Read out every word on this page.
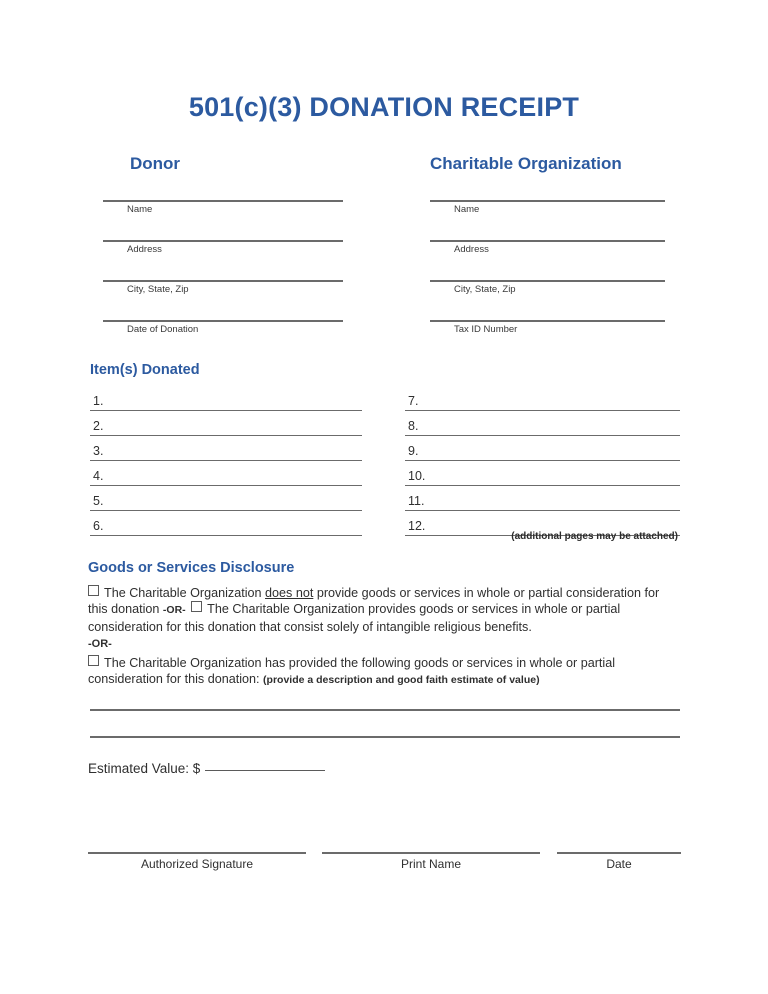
501(c)(3) DONATION RECEIPT
Donor	Charitable Organization
Name
Address
City, State, Zip
Date of Donation
Name
Address
City, State, Zip
Tax ID Number
Item(s) Donated
1.
2.
3.
4.
5.
6.
7.
8.
9.
10.
11.
12.
(additional pages may be attached)
Goods or Services Disclosure
The Charitable Organization does not provide goods or services in whole or partial consideration for this donation -OR- The Charitable Organization provides goods or services in whole or partial consideration for this donation that consist solely of intangible religious benefits.
-OR-
The Charitable Organization has provided the following goods or services in whole or partial consideration for this donation: (provide a description and good faith estimate of value)
Estimated Value: $
Authorized Signature	Print Name	Date
